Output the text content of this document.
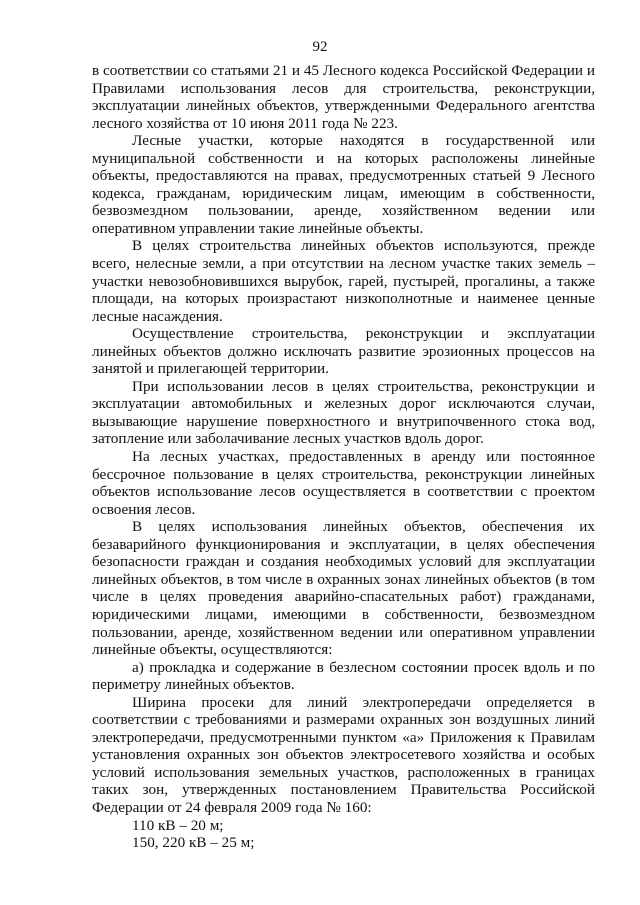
92

в соответствии со статьями 21 и 45 Лесного кодекса Российской Федерации и Правилами использования лесов для строительства, реконструкции, эксплуатации линейных объектов, утвержденными Федерального агентства лесного хозяйства от 10 июня 2011 года № 223.

Лесные участки, которые находятся в государственной или муниципальной собственности и на которых расположены линейные объекты, предоставляются на правах, предусмотренных статьей 9 Лесного кодекса, гражданам, юридическим лицам, имеющим в собственности, безвозмездном пользовании, аренде, хозяйственном ведении или оперативном управлении такие линейные объекты.

В целях строительства линейных объектов используются, прежде всего, нелесные земли, а при отсутствии на лесном участке таких земель – участки невозобновившихся вырубок, гарей, пустырей, прогалины, а также площади, на которых произрастают низкополнотные и наименее ценные лесные насаждения.

Осуществление строительства, реконструкции и эксплуатации линейных объектов должно исключать развитие эрозионных процессов на занятой и прилегающей территории.

При использовании лесов в целях строительства, реконструкции и эксплуатации автомобильных и железных дорог исключаются случаи, вызывающие нарушение поверхностного и внутрипочвенного стока вод, затопление или заболачивание лесных участков вдоль дорог.

На лесных участках, предоставленных в аренду или постоянное бессрочное пользование в целях строительства, реконструкции линейных объектов использование лесов осуществляется в соответствии с проектом освоения лесов.

В целях использования линейных объектов, обеспечения их безаварийного функционирования и эксплуатации, в целях обеспечения безопасности граждан и создания необходимых условий для эксплуатации линейных объектов, в том числе в охранных зонах линейных объектов (в том числе в целях проведения аварийно-спасательных работ) гражданами, юридическими лицами, имеющими в собственности, безвозмездном пользовании, аренде, хозяйственном ведении или оперативном управлении линейные объекты, осуществляются:

а) прокладка и содержание в безлесном состоянии просек вдоль и по периметру линейных объектов.

Ширина просеки для линий электропередачи определяется в соответствии с требованиями и размерами охранных зон воздушных линий электропередачи, предусмотренными пунктом «а» Приложения к Правилам установления охранных зон объектов электросетевого хозяйства и особых условий использования земельных участков, расположенных в границах таких зон, утвержденных постановлением Правительства Российской Федерации от 24 февраля 2009 года № 160:

110 кВ – 20 м;

150, 220 кВ – 25 м;
